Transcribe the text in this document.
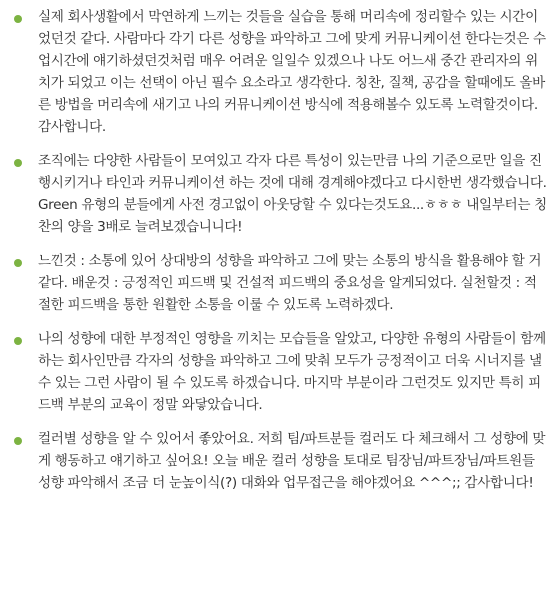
실제 회사생활에서 막연하게 느끼는 것들을 실습을 통해 머리속에 정리할수 있는 시간이었던것 같다. 사람마다 각기 다른 성향을 파악하고 그에 맞게 커뮤니케이션 한다는것은 수업시간에 얘기하셨던것처럼 매우 어려운 일일수 있겠으나 나도 어느새 중간 관리자의 위치가 되었고 이는 선택이 아닌 필수 요소라고 생각한다. 칭찬, 질책, 공감을 할때에도 올바른 방법을 머리속에 새기고 나의 커뮤니케이션 방식에 적용해볼수 있도록 노력할것이다. 감사합니다.
조직에는 다양한 사람들이 모여있고 각자 다른 특성이 있는만큼 나의 기준으로만 일을 진행시키거나 타인과 커뮤니케이션 하는 것에 대해 경계해야겠다고 다시한번 생각했습니다. Green 유형의 분들에게 사전 경고없이 아웃당할 수 있다는것도요...ㅎㅎㅎ 내일부터는 칭찬의 양을 3배로 늘려보겠습니니다!
느낀것 : 소통에 있어 상대방의 성향을 파악하고 그에 맞는 소통의 방식을 활용해야 할 거 같다. 배운것 : 긍정적인 피드백 및 건설적 피드백의 중요성을 알게되었다. 실천할것 : 적절한 피드백을 통한 원활한 소통을 이룰 수 있도록 노력하겠다.
나의 성향에 대한 부정적인 영향을 끼치는 모습들을 알았고, 다양한 유형의 사람들이 함께 하는 회사인만큼 각자의 성향을 파악하고 그에 맞춰 모두가 긍정적이고 더욱 시너지를 낼 수 있는 그런 사람이 될 수 있도록 하겠습니다. 마지막 부분이라 그런것도 있지만 특히 피드백 부분의 교육이 정말 와닿았습니다.
컬러별 성향을 알 수 있어서 좋았어요. 저희 팀/파트분들 컬러도 다 체크해서 그 성향에 맞게 행동하고 얘기하고 싶어요! 오늘 배운 컬러 성향을 토대로 팀장님/파트장님/파트원들 성향 파악해서 조금 더 눈높이식(?) 대화와 업무접근을 해야겠어요 ^^^;; 감사합니다!
